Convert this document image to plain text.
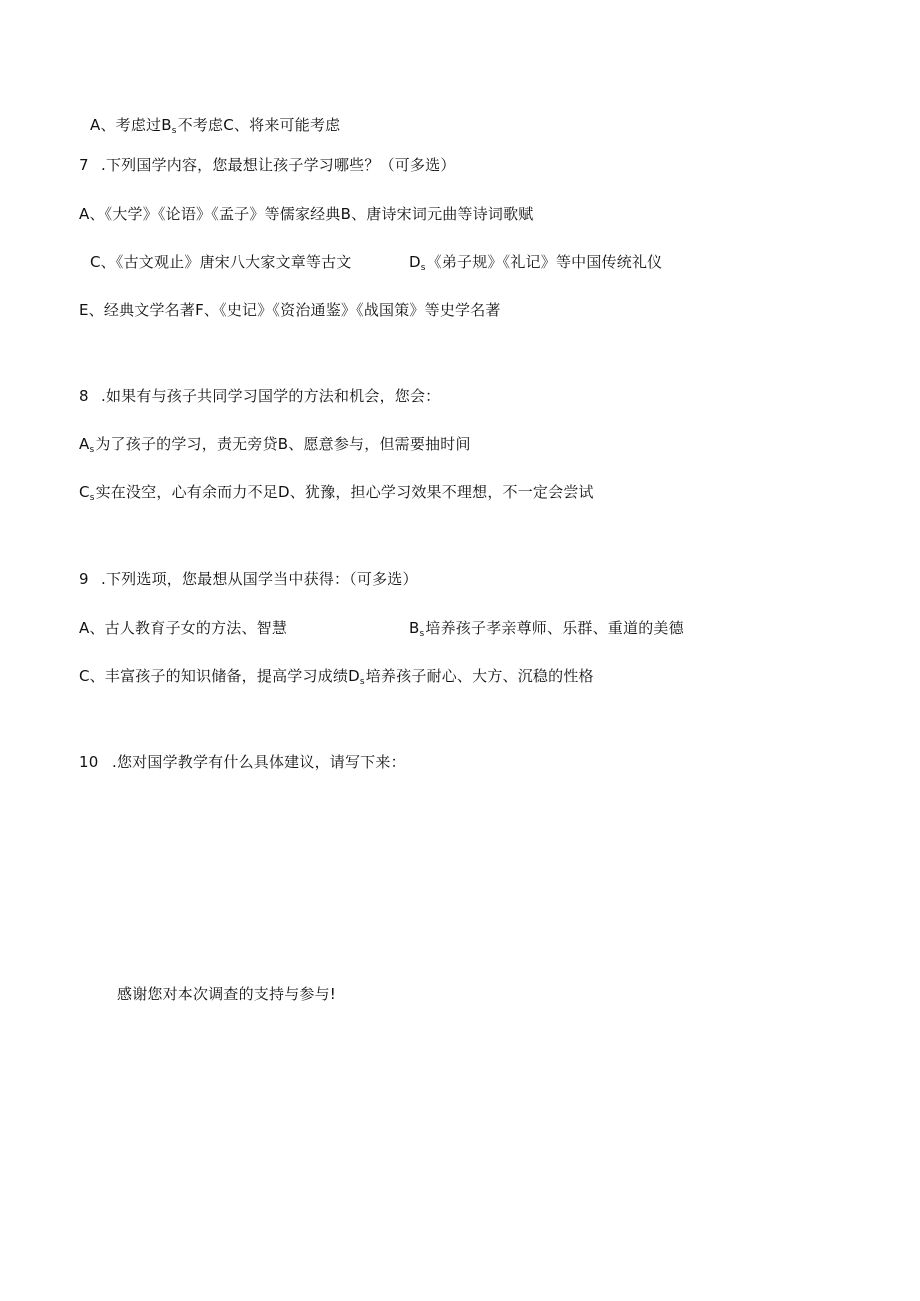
A、考虑过$B_s$不考虑C、将来可能考虑
7 .下列国学内容，您最想让孩子学习哪些？（可多选）
A、《大学》《论语》《孟子》等儒家经典B、唐诗宋词元曲等诗词歌赋
C、《古文观止》唐宋八大家文章等古文	$D_s$《弟子规》《礼记》等中国传统礼仪
E、经典文学名著F、《史记》《资治通鉴》《战国策》等史学名著
8 .如果有与孩子共同学习国学的方法和机会，您会：
$A_s$为了孩子的学习，责无旁贷B、愿意参与，但需要抽时间
$C_s$实在没空，心有余而力不足D、犹豫，担心学习效果不理想，不一定会尝试
9 .下列选项，您最想从国学当中获得：（可多选）
A、古人教育子女的方法、智慧	$B_s$培养孩子孝亲尊师、乐群、重道的美德
C、丰富孩子的知识储备，提高学习成绩$D_s$培养孩子耐心、大方、沉稳的性格
10 .您对国学教学有什么具体建议，请写下来：
感谢您对本次调查的支持与参与!
